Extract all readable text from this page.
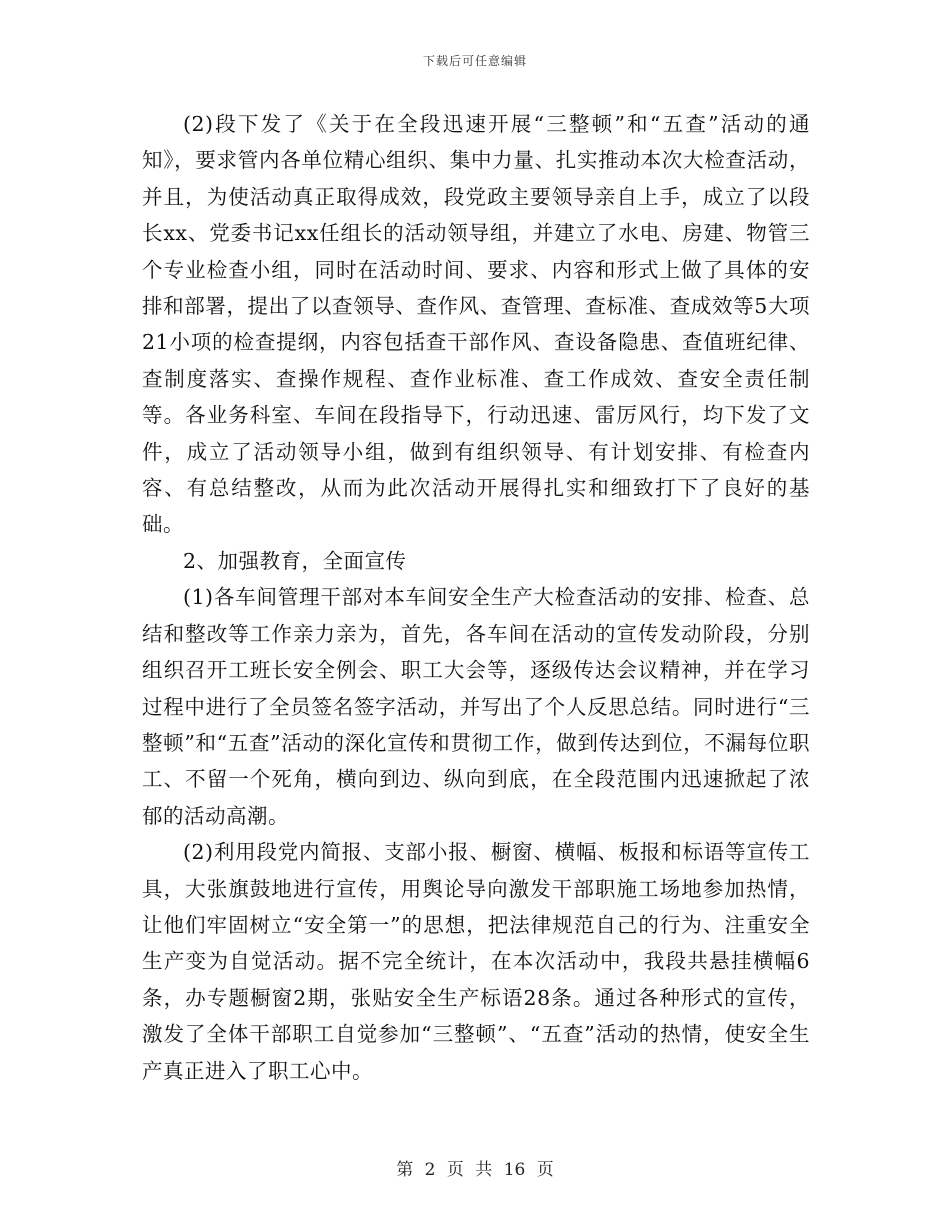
下载后可任意编辑

(2)段下发了《关于在全段迅速开展“三整顿”和“五查”活动的通知》，要求管内各单位精心组织、集中力量、扎实推动本次大检查活动，并且，为使活动真正取得成效，段党政主要领导亲自上手，成立了以段长xx、党委书记xx任组长的活动领导组，并建立了水电、房建、物管三个专业检查小组，同时在活动时间、要求、内容和形式上做了具体的安排和部署，提出了以查领导、查作风、查管理、查标准、查成效等5大项21小项的检查提纲，内容包括查干部作风、查设备隐患、查值班纪律、查制度落实、查操作规程、查作业标准、查工作成效、查安全责任制等。各业务科室、车间在段指导下，行动迅速、雷厉风行，均下发了文件，成立了活动领导小组，做到有组织领导、有计划安排、有检查内容、有总结整改，从而为此次活动开展得扎实和细致打下了良好的基础。

2、加强教育，全面宣传

(1)各车间管理干部对本车间安全生产大检查活动的安排、检查、总结和整改等工作亲力亲为，首先，各车间在活动的宣传发动阶段，分别组织召开工班长安全例会、职工大会等，逐级传达会议精神，并在学习过程中进行了全员签名签字活动，并写出了个人反思总结。同时进行“三整顿”和“五查”活动的深化宣传和贯彻工作，做到传达到位，不漏每位职工、不留一个死角，横向到边、纵向到底，在全段范围内迅速掀起了浓郁的活动高潮。

(2)利用段党内简报、支部小报、橱窗、横幅、板报和标语等宣传工具，大张旗鼓地进行宣传，用舆论导向激发干部职施工场地参加热情，让他们牢固树立“安全第一”的思想，把法律规范自己的行为、注重安全生产变为自觉活动。据不完全统计，在本次活动中，我段共悬挂横幅6条，办专题橱窗2期，张贴安全生产标语28条。通过各种形式的宣传，激发了全体干部职工自觉参加“三整顿”、“五查”活动的热情，使安全生产真正进入了职工心中。

第 2 页 共 16 页
